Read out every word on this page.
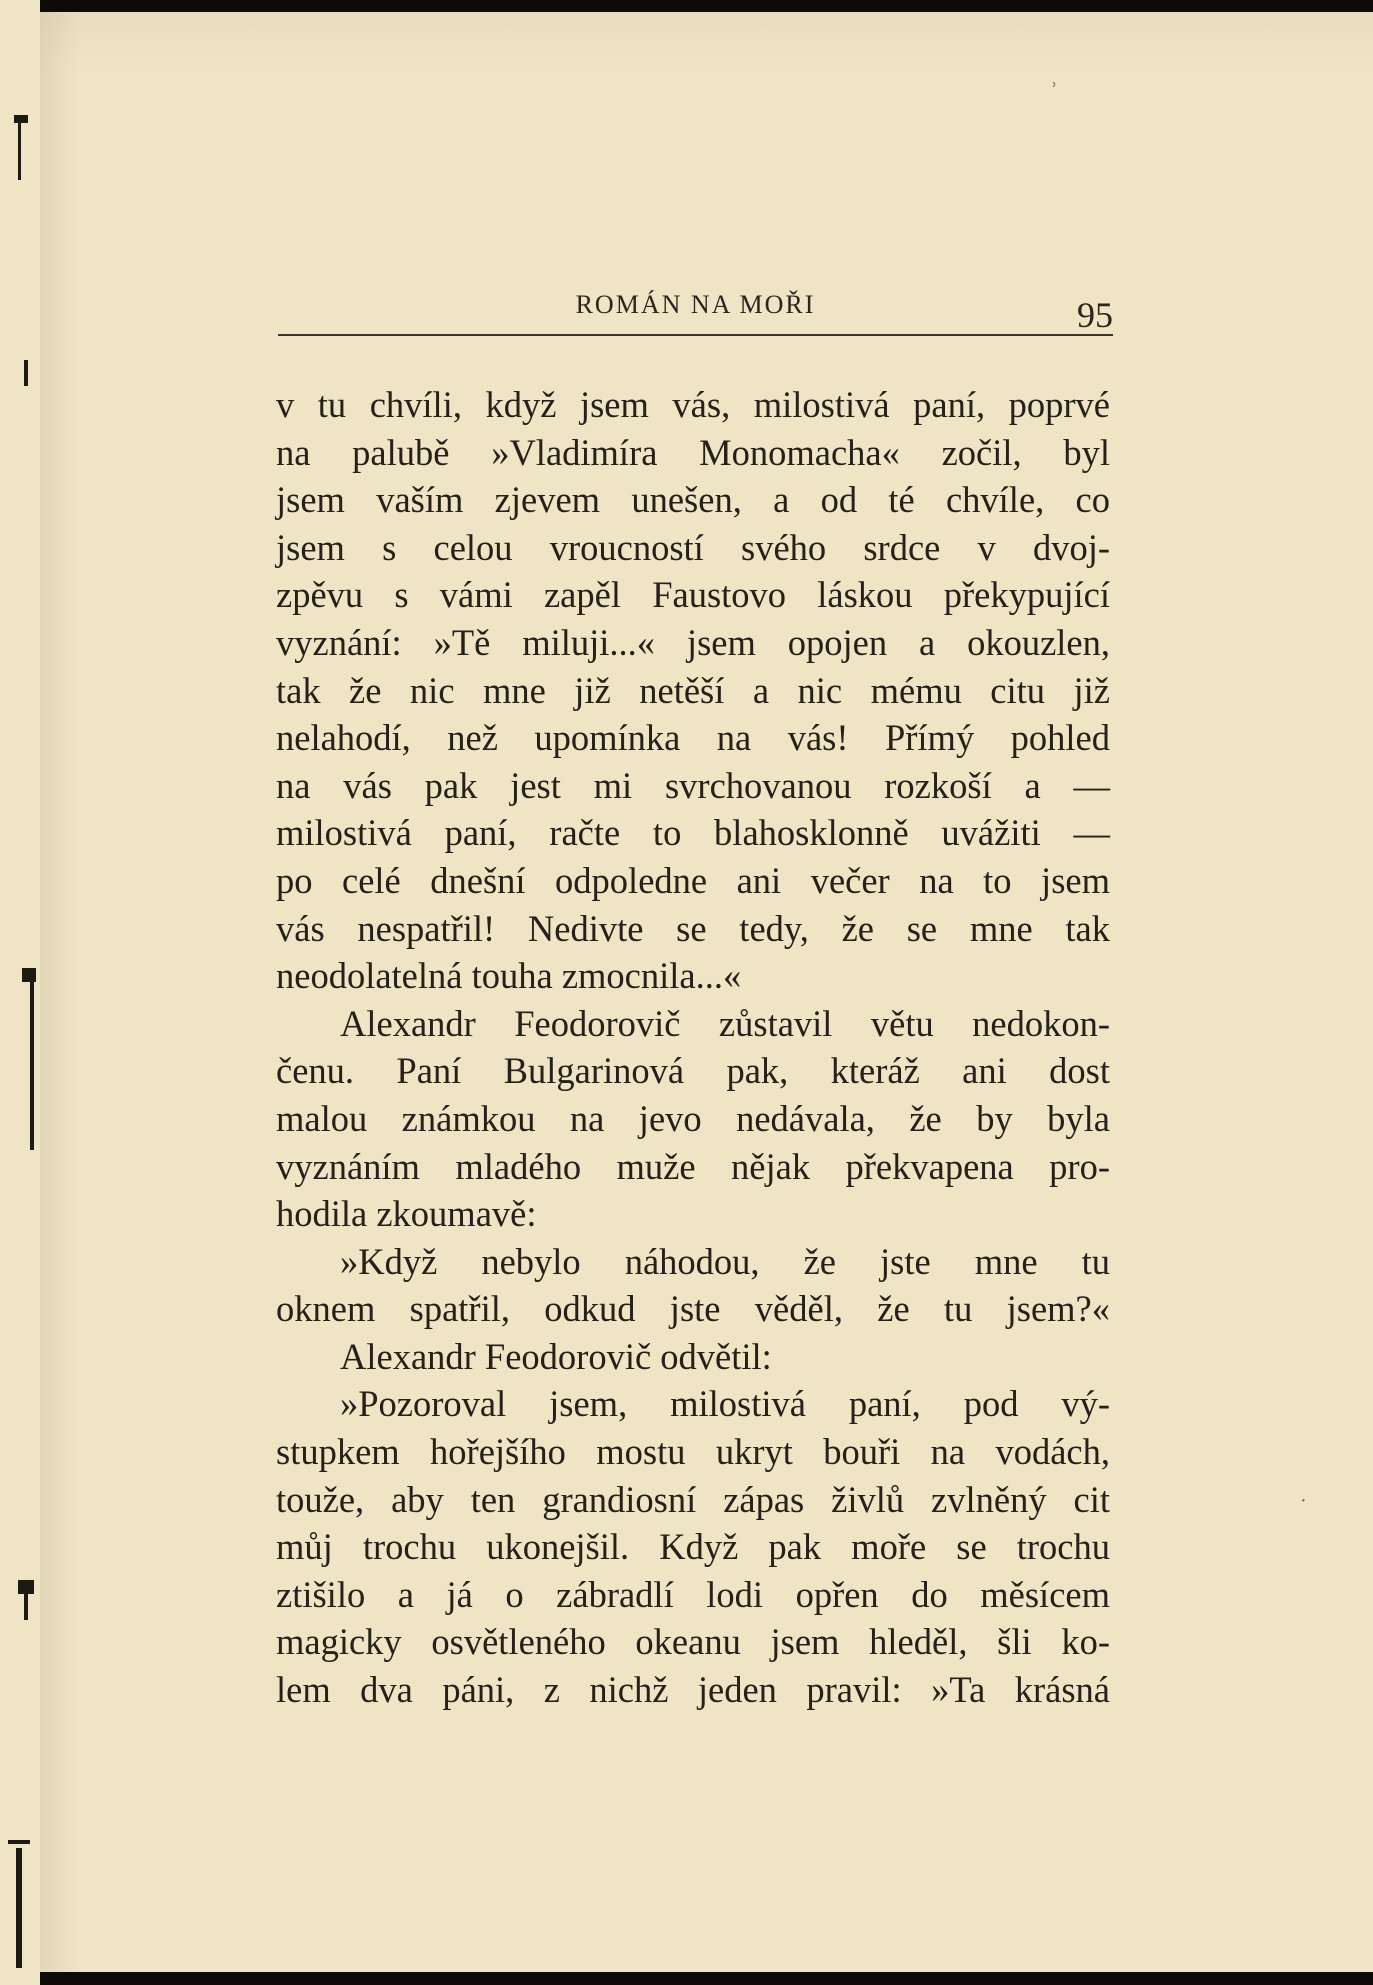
ROMÁN NA MOŘI	95
v tu chvíli, když jsem vás, milostivá paní, poprvé
na palubě »Vladimíra Monomacha« zočil, byl
jsem vaším zjevem unešen, a od té chvíle, co
jsem s celou vroucností svého srdce v dvoj-
zpěvu s vámi zapěl Faustovo láskou překypující
vyznání: »Tě miluji...« jsem opojen a okouzlen,
tak že nic mne již netěší a nic mému citu již
nelahodí, než upomínka na vás! Přímý pohled
na vás pak jest mi svrchovanou rozkoší a —
milostivá paní, račte to blahosklonně uvážiti —
po celé dnešní odpoledne ani večer na to jsem
vás nespatřil! Nedivte se tedy, že se mne tak
neodolatelná touha zmocnila...«
Alexandr Feodorovič zůstavil větu nedokon-
čenu. Paní Bulgarinová pak, kteráž ani dost
malou známkou na jevo nedávala, že by byla
vyznáním mladého muže nějak překvapena pro-
hodila zkoumavě:
»Když nebylo náhodou, že jste mne tu
oknem spatřil, odkud jste věděl, že tu jsem?«
Alexandr Feodorovič odvětil:
»Pozoroval jsem, milostivá paní, pod vý-
stupkem hořejšího mostu ukryt bouři na vodách,
touže, aby ten grandiosní zápas živlů zvlněný cit
můj trochu ukonejšil. Když pak moře se trochu
ztišilo a já o zábradlí lodi opřen do měsícem
magicky osvětleného okeanu jsem hleděl, šli ko-
lem dva páni, z nichž jeden pravil: »Ta krásná
ʾ
·
